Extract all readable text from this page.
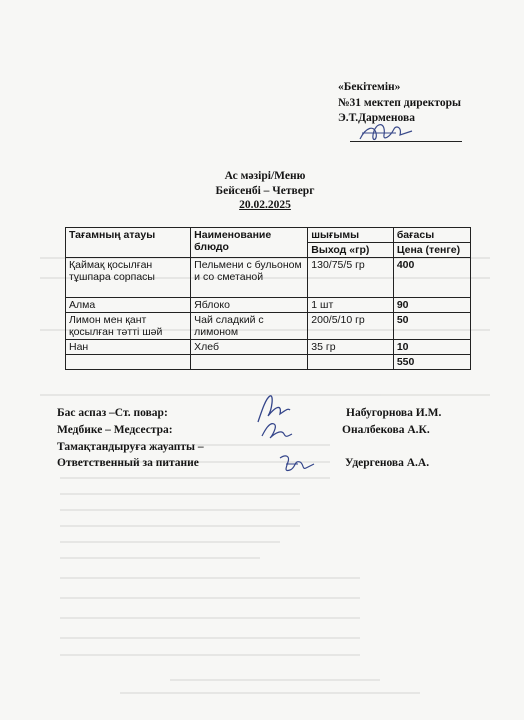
«Бекітемін»
№31 мектеп директоры
Э.Т.Дарменова
Ас мәзірі/Меню
Бейсенбі – Четверг
20.02.2025
Тағамның атауы	Наименование блюдо	шығымы	бағасы
		Выход «гр)	Цена (тенге)
Қаймақ қосылған тұшпара сорпасы	Пельмени с бульоном и со сметаной	130/75/5 гр	400
Алма	Яблоко	1 шт	90
Лимон мен қант қосылған тәтті шәй	Чай сладкий с лимоном	200/5/10 гр	50
Нан	Хлеб	35 гр	10
			550
Бас аспаз –Ст. повар:	Набугорнова И.М.
Медбике – Медсестра:	Оналбекова А.К.
Тамақтандыруға жауапты –
Ответственный за питание	Удергенова А.А.
